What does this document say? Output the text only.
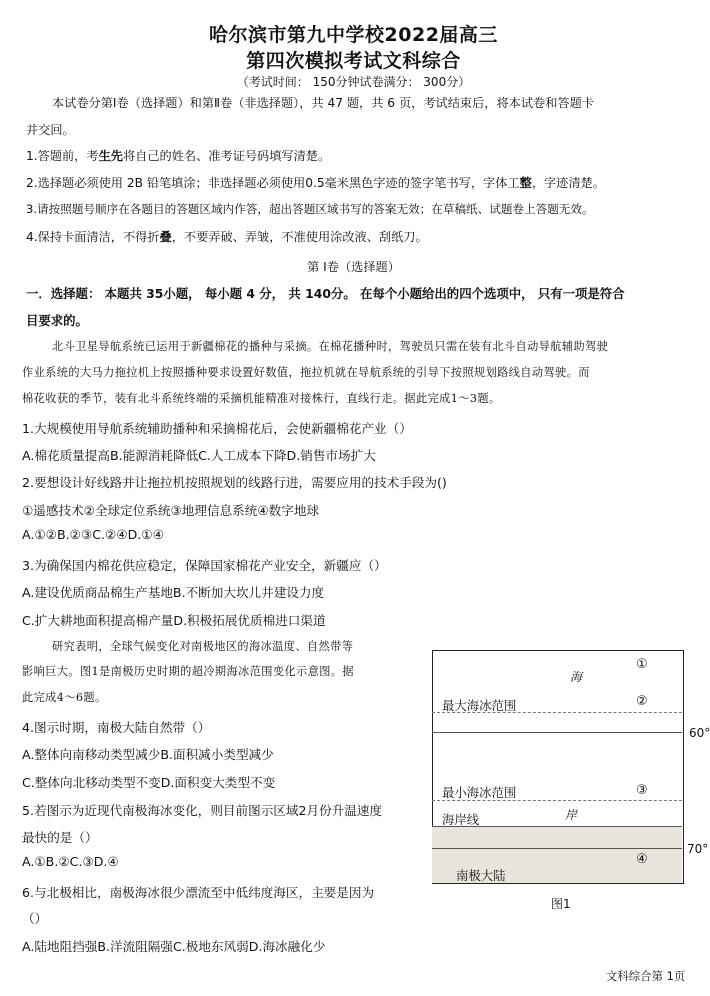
哈尔滨市第九中学校2022届高三
第四次模拟考试文科综合
（考试时间： 150分钟试卷满分： 300分）
本试卷分第Ⅰ卷（选择题）和第Ⅱ卷（非选择题），共 47 题，共 6 页，考试结束后，将本试卷和答题卡
并交回。
1.答题前，考生先将自己的姓名、准考证号码填写清楚。
2.选择题必须使用 2B 铅笔填涂；非选择题必须使用0.5毫米黑色字迹的签字笔书写，字体工整，字迹清楚。
3.请按照题号顺序在各题目的答题区域内作答，超出答题区域书写的答案无效；在草稿纸、试题卷上答题无效。
4.保持卡面清洁，不得折叠，不要弄破、弄皱，不准使用涂改液、刮纸刀。
第 Ⅰ卷（选择题）
一．选择题： 本题共 35小题， 每小题 4 分， 共 140分。 在每个小题给出的四个选项中， 只有一项是符合
目要求的。
北斗卫星导航系统已运用于新疆棉花的播种与采摘。在棉花播种时，驾驶员只需在装有北斗自动导航辅助驾驶
作业系统的大马力拖拉机上按照播种要求设置好数值，拖拉机就在导航系统的引导下按照规划路线自动驾驶。而
棉花收获的季节，装有北斗系统终端的采摘机能精准对接株行，直线行走。据此完成1～3题。
1.大规模使用导航系统辅助播种和采摘棉花后，会使新疆棉花产业（）
A.棉花质量提高B.能源消耗降低C.人工成本下降D.销售市场扩大
2.要想设计好线路并让拖拉机按照规划的线路行进，需要应用的技术手段为()
①遥感技术②全球定位系统③地理信息系统④数字地球
A.①②B.②③C.②④D.①④
3.为确保国内棉花供应稳定，保障国家棉花产业安全，新疆应（）
A.建设优质商品棉生产基地B.不断加大坎儿井建设力度
C.扩大耕地面积提高棉产量D.积极拓展优质棉进口渠道
研究表明，全球气候变化对南极地区的海冰温度、自然带等
影响巨大。图1是南极历史时期的超冷期海冰范围变化示意图。据
此完成4～6题。
4.图示时期，南极大陆自然带（）
A.整体向南移动类型减少B.面积减小类型减少
C.整体向北移动类型不变D.面积变大类型不变
5.若图示为近现代南极海冰变化，则目前图示区域2月份升温速度
最快的是（）
A.①B.②C.③D.④
6.与北极相比，南极海冰很少漂流至中低纬度海区，主要是因为
（）
A.陆地阻挡强B.洋流阻隔强C.极地东风弱D.海冰融化少
海
①
最大海冰范围	②
最小海冰范围	③
海岸线	岸
④
南极大陆
60°
70°
图1
文科综合第 1页
